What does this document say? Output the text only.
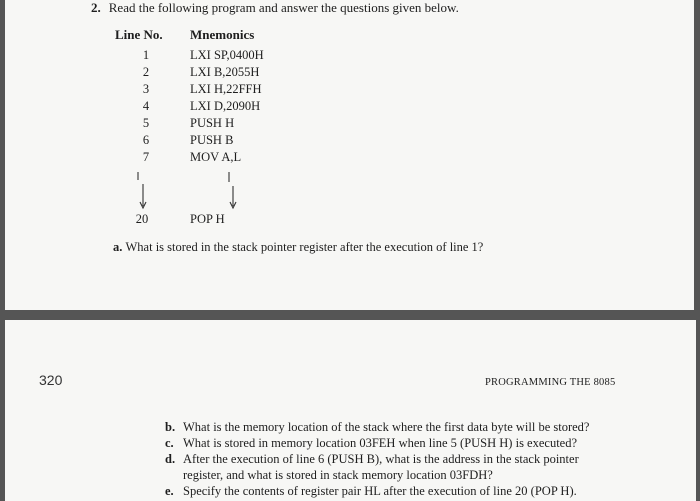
2. Read the following program and answer the questions given below.
Line No. Mnemonics
1	LXI SP,0400H
2	LXI B,2055H
3	LXI H,22FFH
4	LXI D,2090H
5	PUSH H
6	PUSH B
7	MOV A,L
20	POP H
a. What is stored in the stack pointer register after the execution of line 1?
320	PROGRAMMING THE 8085
b. What is the memory location of the stack where the first data byte will be stored?
c. What is stored in memory location 03FEH when line 5 (PUSH H) is executed?
d. After the execution of line 6 (PUSH B), what is the address in the stack pointer
register, and what is stored in stack memory location 03FDH?
e. Specify the contents of register pair HL after the execution of line 20 (POP H).
